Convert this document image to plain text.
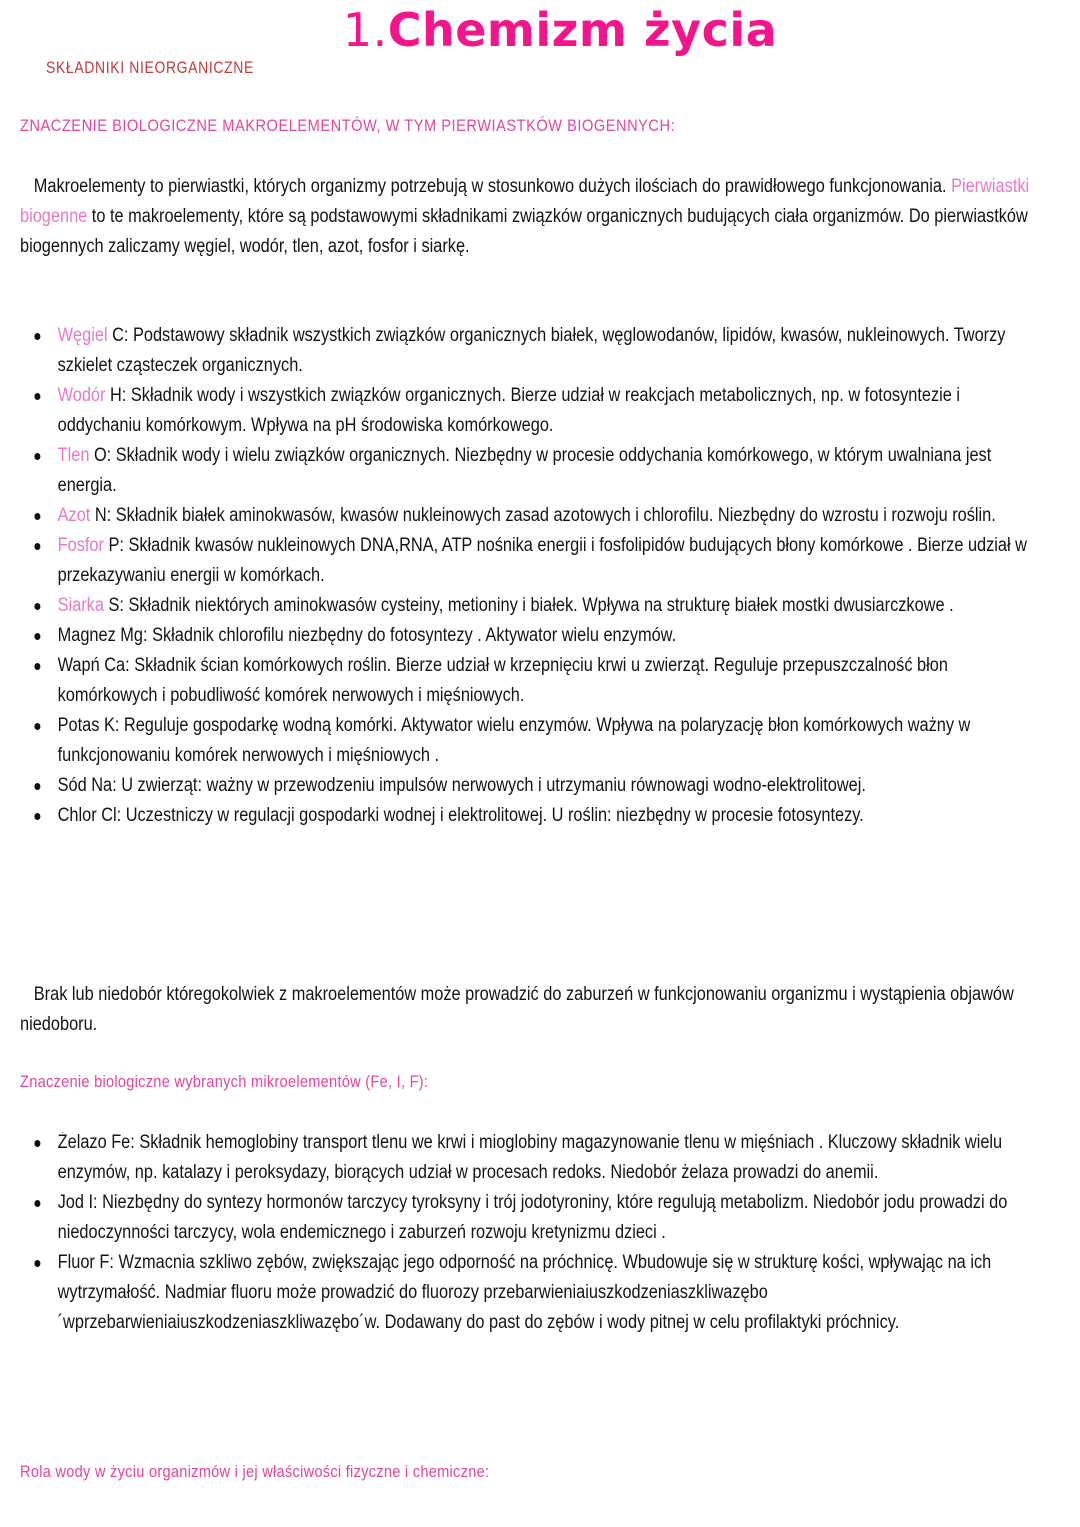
1.Chemizm życia
SKŁADNIKI NIEORGANICZNE
ZNACZENIE BIOLOGICZNE MAKROELEMENTÓW, W TYM PIERWIASTKÓW BIOGENNYCH:

Makroelementy to pierwiastki, których organizmy potrzebują w stosunkowo dużych ilościach do prawidłowego funkcjonowania. Pierwiastki biogenne to te makroelementy, które są podstawowymi składnikami związków organicznych budujących ciała organizmów. Do pierwiastków biogennych zaliczamy węgiel, wodór, tlen, azot, fosfor i siarkę.

Węgiel C: Podstawowy składnik wszystkich związków organicznych białek, węglowodanów, lipidów, kwasów, nukleinowych. Tworzy szkielet cząsteczek organicznych.
Wodór H: Składnik wody i wszystkich związków organicznych. Bierze udział w reakcjach metabolicznych, np. w fotosyntezie i oddychaniu komórkowym. Wpływa na pH środowiska komórkowego.
Tlen O: Składnik wody i wielu związków organicznych. Niezbędny w procesie oddychania komórkowego, w którym uwalniana jest energia.
Azot N: Składnik białek aminokwasów, kwasów nukleinowych zasad azotowych i chlorofilu. Niezbędny do wzrostu i rozwoju roślin.
Fosfor P: Składnik kwasów nukleinowych DNA,RNA, ATP nośnika energii i fosfolipidów budujących błony komórkowe . Bierze udział w przekazywaniu energii w komórkach.
Siarka S: Składnik niektórych aminokwasów cysteiny, metioniny i białek. Wpływa na strukturę białek mostki dwusiarczkowe .
Magnez Mg: Składnik chlorofilu niezbędny do fotosyntezy . Aktywator wielu enzymów.
Wapń Ca: Składnik ścian komórkowych roślin. Bierze udział w krzepnięciu krwi u zwierząt. Reguluje przepuszczalność błon komórkowych i pobudliwość komórek nerwowych i mięśniowych.
Potas K: Reguluje gospodarkę wodną komórki. Aktywator wielu enzymów. Wpływa na polaryzację błon komórkowych ważny w funkcjonowaniu komórek nerwowych i mięśniowych .
Sód Na: U zwierząt: ważny w przewodzeniu impulsów nerwowych i utrzymaniu równowagi wodno-elektrolitowej.
Chlor Cl: Uczestniczy w regulacji gospodarki wodnej i elektrolitowej. U roślin: niezbędny w procesie fotosyntezy.

Brak lub niedobór któregokolwiek z makroelementów może prowadzić do zaburzeń w funkcjonowaniu organizmu i wystąpienia objawów niedoboru.

Znaczenie biologiczne wybranych mikroelementów (Fe, I, F):
Żelazo Fe: Składnik hemoglobiny transport tlenu we krwi i mioglobiny magazynowanie tlenu w mięśniach . Kluczowy składnik wielu enzymów, np. katalazy i peroksydazy, biorących udział w procesach redoks. Niedobór żelaza prowadzi do anemii.
Jod I: Niezbędny do syntezy hormonów tarczycy tyroksyny i trój jodotyroniny, które regulują metabolizm. Niedobór jodu prowadzi do niedoczynności tarczycy, wola endemicznego i zaburzeń rozwoju kretynizmu dzieci .
Fluor F: Wzmacnia szkliwo zębów, zwiększając jego odporność na próchnicę. Wbudowuje się w strukturę kości, wpływając na ich wytrzymałość. Nadmiar fluoru może prowadzić do fluorozy przebarwieniaiuszkodzeniaszkliwazębo´wprzebarwieniaiuszkodzeniaszkliwazębo´w. Dodawany do past do zębów i wody pitnej w celu profilaktyki próchnicy.
Rola wody w życiu organizmów i jej właściwości fizyczne i chemiczne:
